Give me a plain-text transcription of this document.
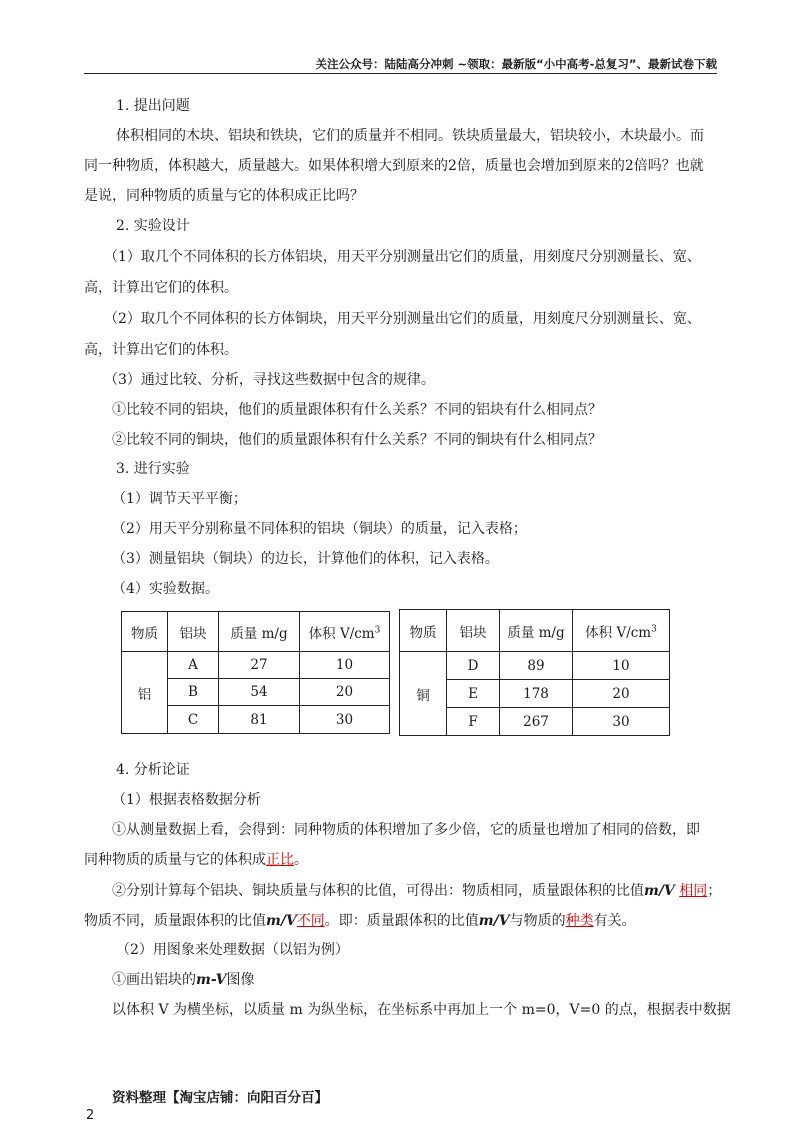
关注公众号：陆陆高分冲刺 ~领取：最新版“小中高考-总复习”、最新试卷下载
1. 提出问题
体积相同的木块、铝块和铁块，它们的质量并不相同。铁块质量最大，铝块较小，木块最小。而
同一种物质，体积越大，质量越大。如果体积增大到原来的2倍，质量也会增加到原来的2倍吗？也就
是说，同种物质的质量与它的体积成正比吗？
2. 实验设计
（1）取几个不同体积的长方体铝块，用天平分别测量出它们的质量，用刻度尺分别测量长、宽、
高，计算出它们的体积。
（2）取几个不同体积的长方体铜块，用天平分别测量出它们的质量，用刻度尺分别测量长、宽、
高，计算出它们的体积。
（3）通过比较、分析，寻找这些数据中包含的规律。
①比较不同的铝块，他们的质量跟体积有什么关系？不同的铝块有什么相同点？
②比较不同的铜块，他们的质量跟体积有什么关系？不同的铜块有什么相同点？
3. 进行实验
（1）调节天平平衡；
（2）用天平分别称量不同体积的铝块（铜块）的质量，记入表格；
（3）测量铝块（铜块）的边长，计算他们的体积，记入表格。
（4）实验数据。
物质	铝块	质量 m/g	体积 $V/cm^3$
铝	A	27	10
	B	54	20
	C	81	30
物质	铝块	质量 m/g	体积 $V/cm^3$
铜	D	89	10
	E	178	20
	F	267	30
4. 分析论证
（1）根据表格数据分析
①从测量数据上看，会得到：同种物质的体积增加了多少倍，它的质量也增加了相同的倍数，即
同种物质的质量与它的体积成正比。
②分别计算每个铝块、铜块质量与体积的比值，可得出：物质相同，质量跟体积的比值m/V 相同；
物质不同，质量跟体积的比值m/V不同。即：质量跟体积的比值m/V与物质的种类有关。
（2）用图象来处理数据（以铝为例）
①画出铝块的m-V图像
以体积 V 为横坐标，以质量 m 为纵坐标，在坐标系中再加上一个 m=0，V=0 的点，根据表中数据
资料整理【淘宝店铺：向阳百分百】
2
